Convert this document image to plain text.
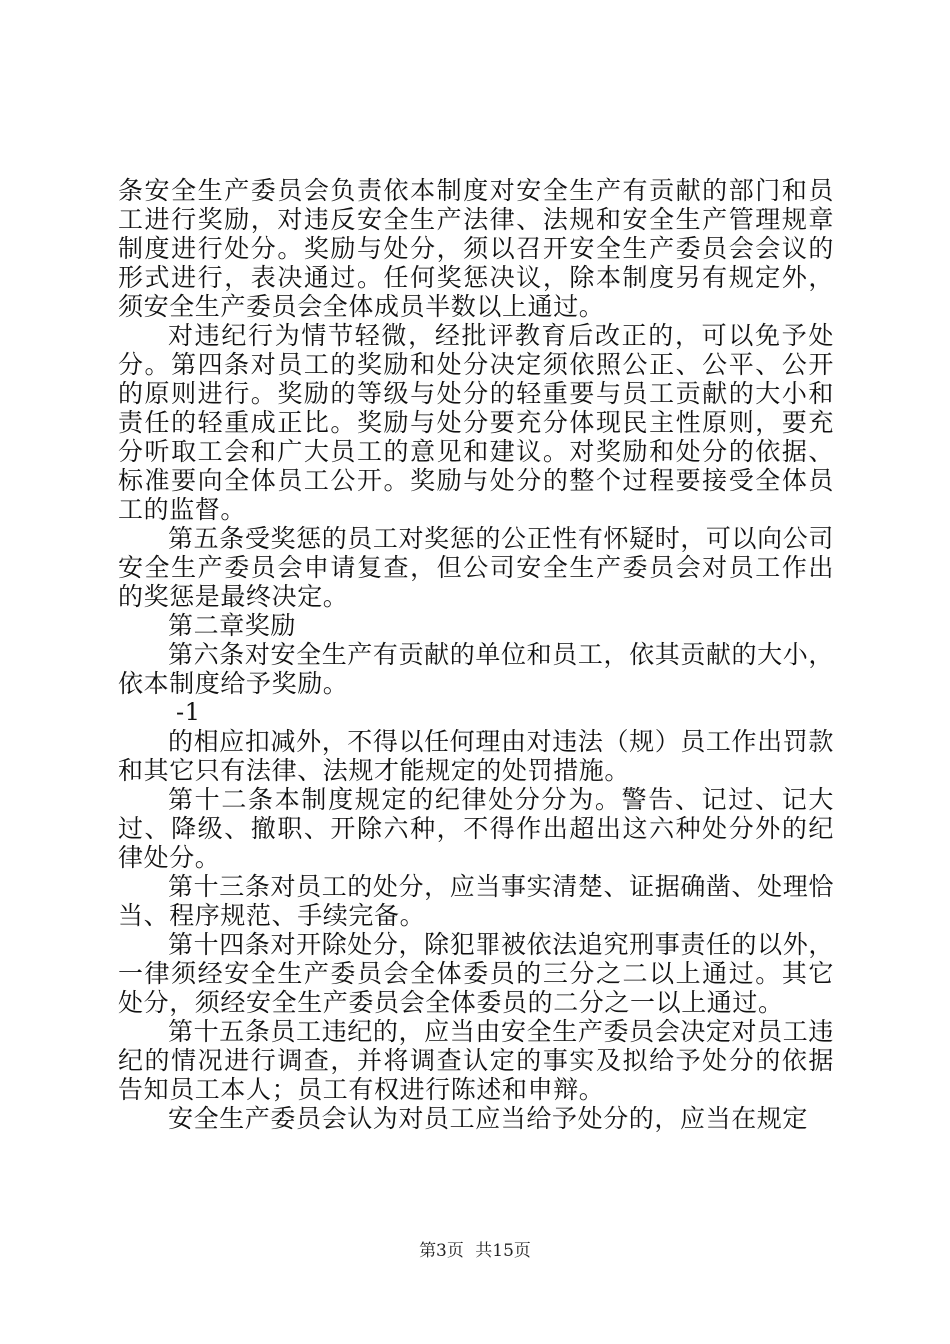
条安全生产委员会负责依本制度对安全生产有贡献的部门和员工进行奖励，对违反安全生产法律、法规和安全生产管理规章制度进行处分。奖励与处分，须以召开安全生产委员会会议的形式进行，表决通过。任何奖惩决议，除本制度另有规定外，须安全生产委员会全体成员半数以上通过。

对违纪行为情节轻微，经批评教育后改正的，可以免予处分。第四条对员工的奖励和处分决定须依照公正、公平、公开的原则进行。奖励的等级与处分的轻重要与员工贡献的大小和责任的轻重成正比。奖励与处分要充分体现民主性原则，要充分听取工会和广大员工的意见和建议。对奖励和处分的依据、标准要向全体员工公开。奖励与处分的整个过程要接受全体员工的监督。

第五条受奖惩的员工对奖惩的公正性有怀疑时，可以向公司安全生产委员会申请复查，但公司安全生产委员会对员工作出的奖惩是最终决定。

第二章奖励

第六条对安全生产有贡献的单位和员工，依其贡献的大小，依本制度给予奖励。

-1

的相应扣减外，不得以任何理由对违法（规）员工作出罚款和其它只有法律、法规才能规定的处罚措施。

第十二条本制度规定的纪律处分分为。警告、记过、记大过、降级、撤职、开除六种，不得作出超出这六种处分外的纪律处分。

第十三条对员工的处分，应当事实清楚、证据确凿、处理恰当、程序规范、手续完备。

第十四条对开除处分，除犯罪被依法追究刑事责任的以外，一律须经安全生产委员会全体委员的三分之二以上通过。其它处分，须经安全生产委员会全体委员的二分之一以上通过。

第十五条员工违纪的，应当由安全生产委员会决定对员工违纪的情况进行调查，并将调查认定的事实及拟给予处分的依据告知员工本人；员工有权进行陈述和申辩。

安全生产委员会认为对员工应当给予处分的，应当在规定

第3页 共15页
